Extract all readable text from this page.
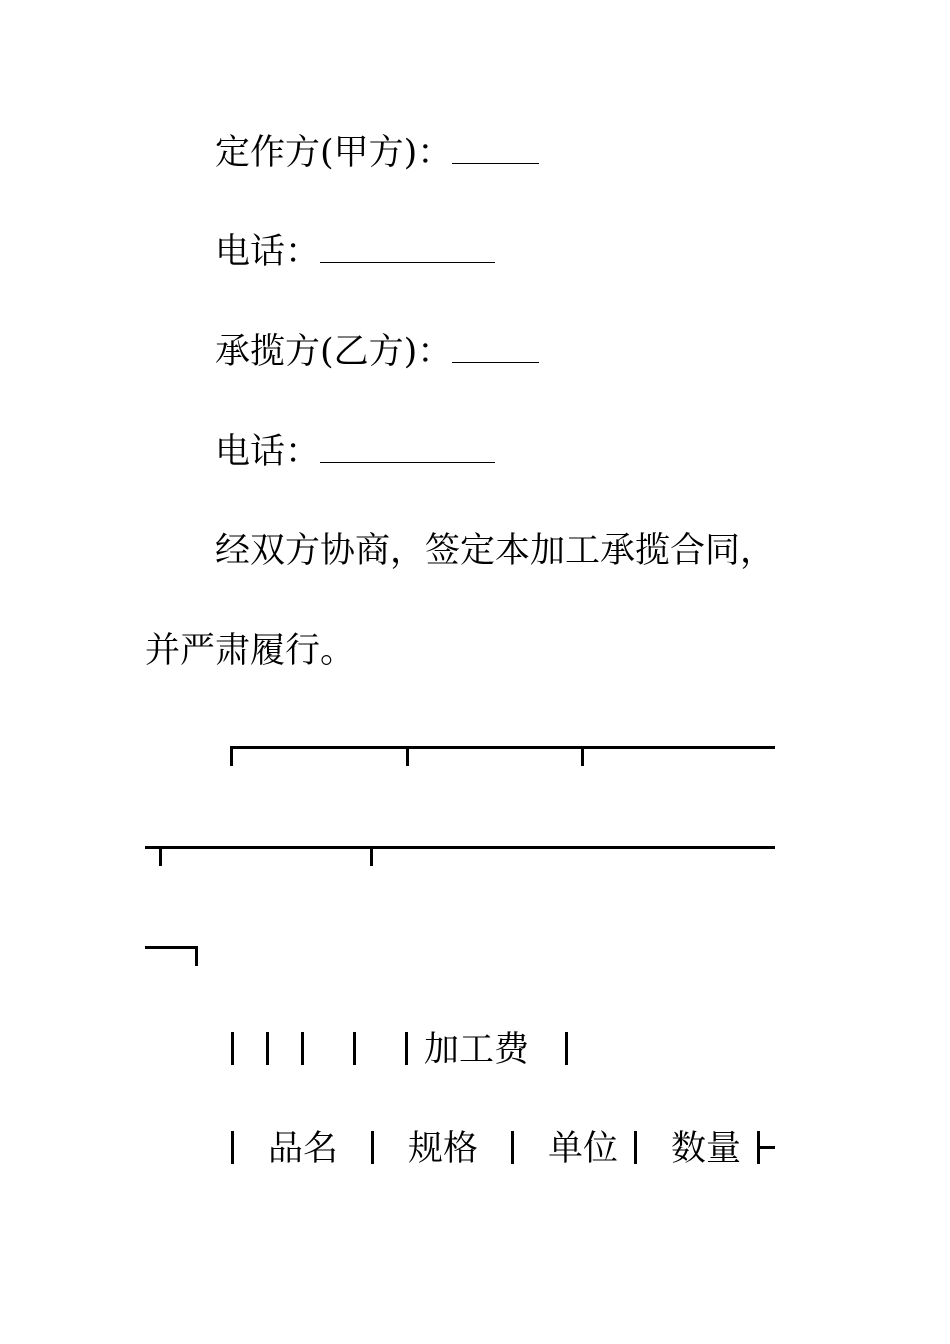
定作方(甲方)：
电话：
承揽方(乙方)：
电话：
经双方协商，签定本加工承揽合同，
并严肃履行。
加工费
品名 规格 单位 数量
